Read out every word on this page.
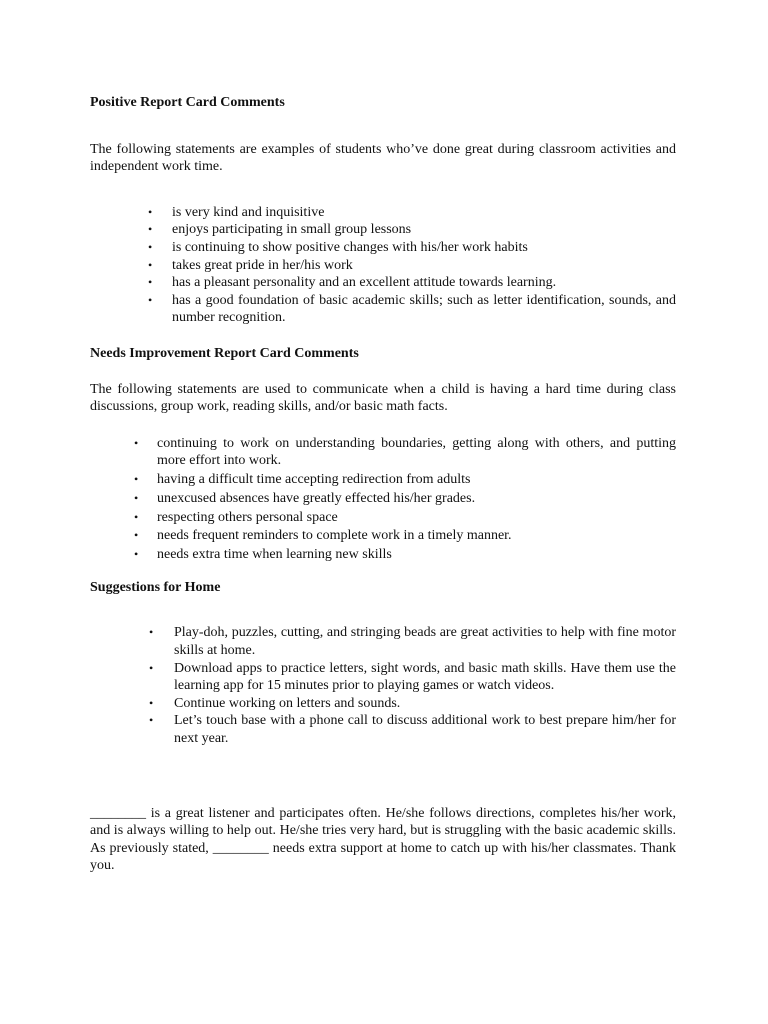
Positive Report Card Comments

The following statements are examples of students who’ve done great during classroom activities and independent work time.

• is very kind and inquisitive
• enjoys participating in small group lessons
• is continuing to show positive changes with his/her work habits
• takes great pride in her/his work
• has a pleasant personality and an excellent attitude towards learning.
• has a good foundation of basic academic skills; such as letter identification, sounds, and number recognition.

Needs Improvement Report Card Comments

The following statements are used to communicate when a child is having a hard time during class discussions, group work, reading skills, and/or basic math facts.

• continuing to work on understanding boundaries, getting along with others, and putting more effort into work.
• having a difficult time accepting redirection from adults
• unexcused absences have greatly effected his/her grades.
• respecting others personal space
• needs frequent reminders to complete work in a timely manner.
• needs extra time when learning new skills

Suggestions for Home

• Play-doh, puzzles, cutting, and stringing beads are great activities to help with fine motor skills at home.
• Download apps to practice letters, sight words, and basic math skills. Have them use the learning app for 15 minutes prior to playing games or watch videos.
• Continue working on letters and sounds.
• Let’s touch base with a phone call to discuss additional work to best prepare him/her for next year.

________ is a great listener and participates often. He/she follows directions, completes his/her work, and is always willing to help out. He/she tries very hard, but is struggling with the basic academic skills. As previously stated, ________ needs extra support at home to catch up with his/her classmates. Thank you.
